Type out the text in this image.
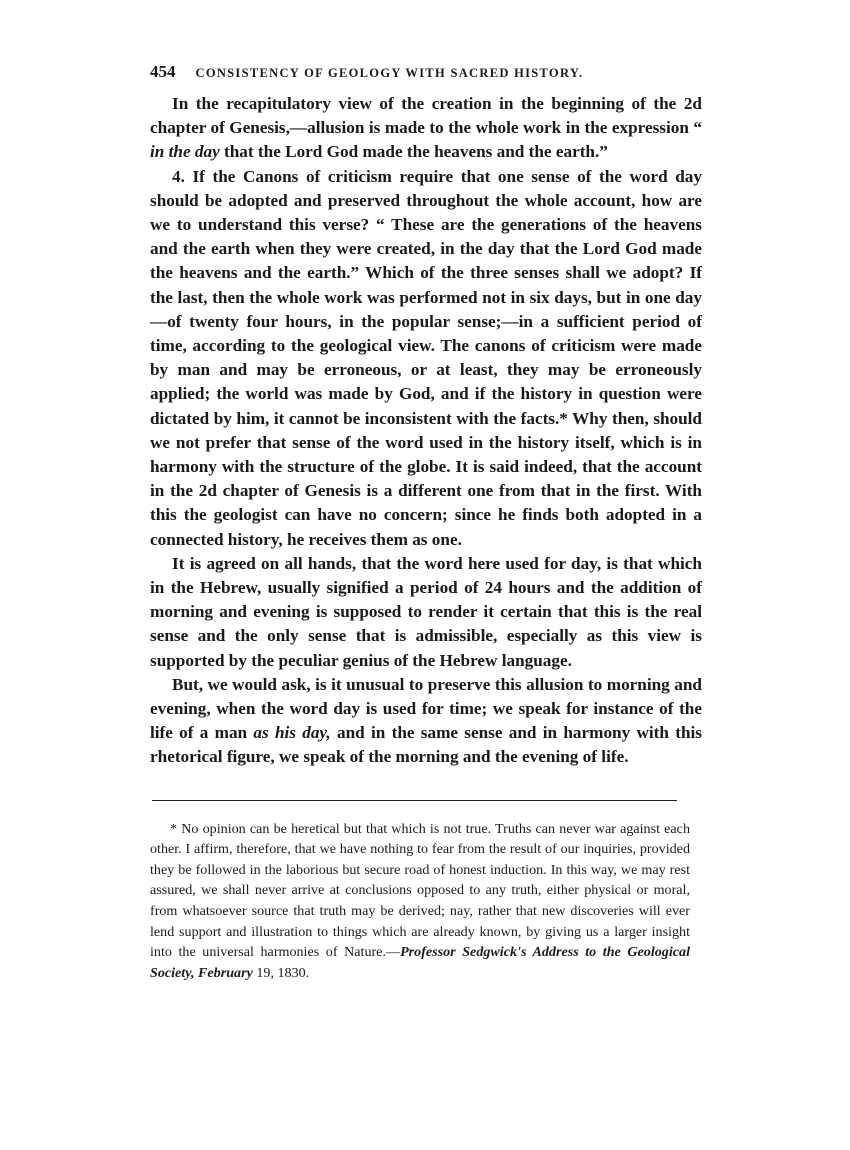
454 CONSISTENCY OF GEOLOGY WITH SACRED HISTORY.

In the recapitulatory view of the creation in the beginning of the 2d chapter of Genesis,—allusion is made to the whole work in the expression “ in the day that the Lord God made the heavens and the earth.”

4. If the Canons of criticism require that one sense of the word day should be adopted and preserved throughout the whole account, how are we to understand this verse? “ These are the generations of the heavens and the earth when they were created, in the day that the Lord God made the heavens and the earth.” Which of the three senses shall we adopt? If the last, then the whole work was performed not in six days, but in one day—of twenty four hours, in the popular sense;—in a sufficient period of time, according to the geological view. The canons of criticism were made by man and may be erroneous, or at least, they may be erroneously applied; the world was made by God, and if the history in question were dictated by him, it cannot be inconsistent with the facts.* Why then, should we not prefer that sense of the word used in the history itself, which is in harmony with the structure of the globe. It is said indeed, that the account in the 2d chapter of Genesis is a different one from that in the first. With this the geologist can have no concern; since he finds both adopted in a connected history, he receives them as one.

It is agreed on all hands, that the word here used for day, is that which in the Hebrew, usually signified a period of 24 hours and the addition of morning and evening is supposed to render it certain that this is the real sense and the only sense that is admissible, especially as this view is supported by the peculiar genius of the Hebrew language.

But, we would ask, is it unusual to preserve this allusion to morning and evening, when the word day is used for time; we speak for instance of the life of a man as his day, and in the same sense and in harmony with this rhetorical figure, we speak of the morning and the evening of life.

* No opinion can be heretical but that which is not true. Truths can never war against each other. I affirm, therefore, that we have nothing to fear from the result of our inquiries, provided they be followed in the laborious but secure road of honest induction. In this way, we may rest assured, we shall never arrive at conclusions opposed to any truth, either physical or moral, from whatsoever source that truth may be derived; nay, rather that new discoveries will ever lend support and illustration to things which are already known, by giving us a larger insight into the universal harmonies of Nature.—Professor Sedgwick's Address to the Geological Society, February 19, 1830.
